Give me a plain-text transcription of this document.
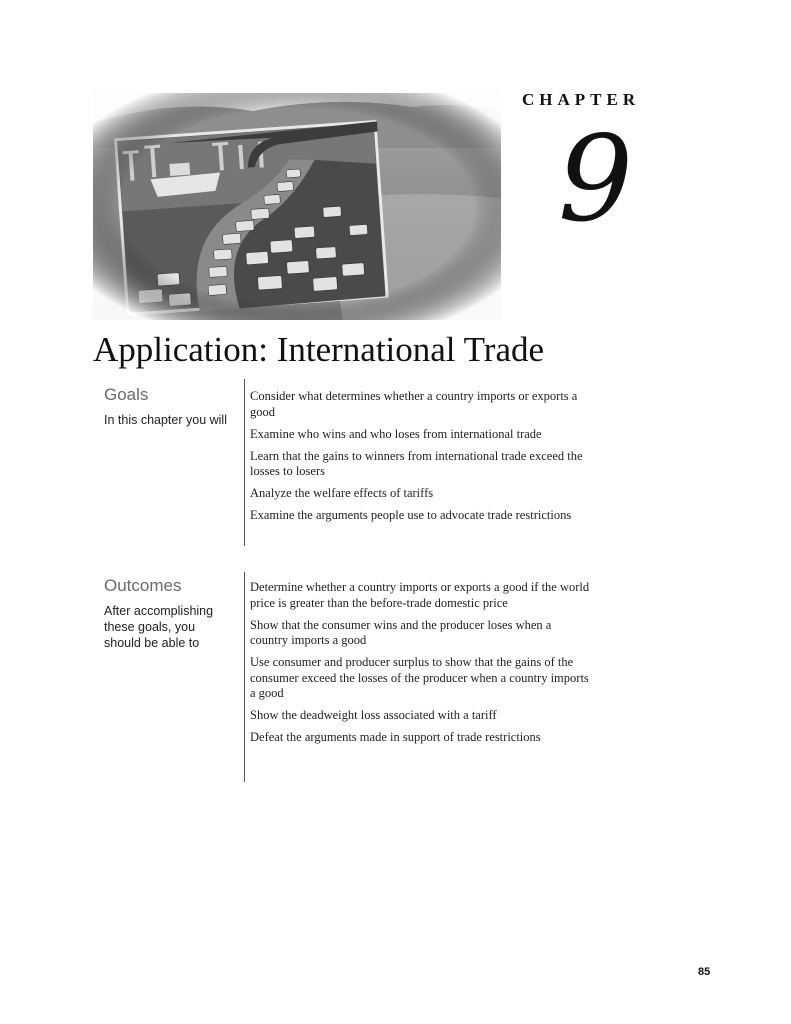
CHAPTER
9
Application: International Trade
Goals
In this chapter you will
Consider what determines whether a country imports or exports a good
Examine who wins and who loses from international trade
Learn that the gains to winners from international trade exceed the losses to losers
Analyze the welfare effects of tariffs
Examine the arguments people use to advocate trade restrictions
Outcomes
After accomplishing these goals, you should be able to
Determine whether a country imports or exports a good if the world price is greater than the before-trade domestic price
Show that the consumer wins and the producer loses when a country imports a good
Use consumer and producer surplus to show that the gains of the consumer exceed the losses of the producer when a country imports a good
Show the deadweight loss associated with a tariff
Defeat the arguments made in support of trade restrictions
85
